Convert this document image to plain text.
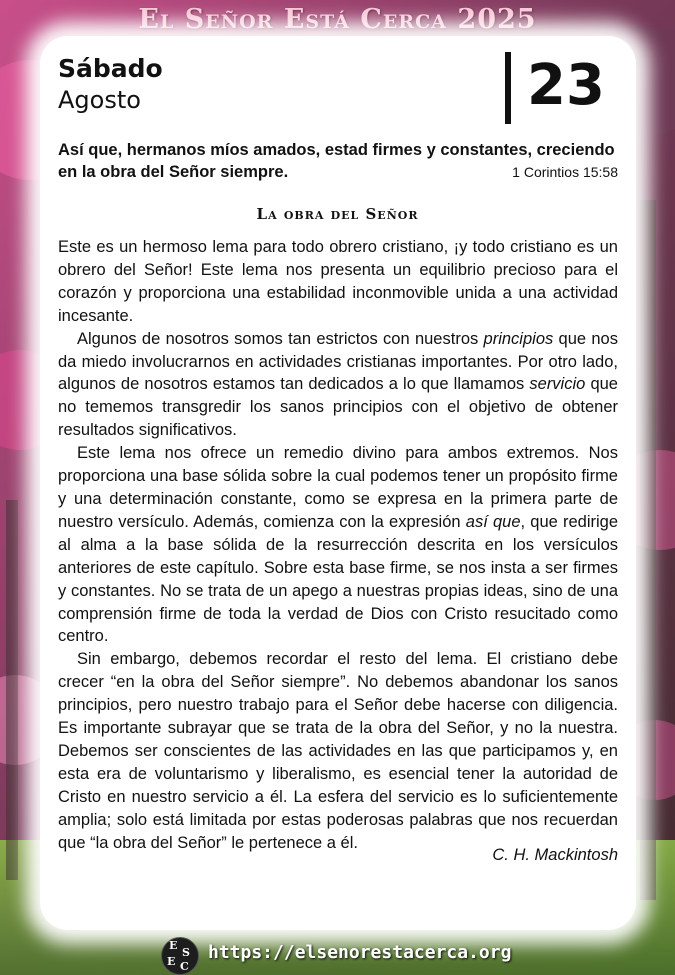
El Señor Está Cerca 2025
Sábado
Agosto	23
Así que, hermanos míos amados, estad firmes y constantes, creciendo en la obra del Señor siempre.	1 Corintios 15:58
La obra del Señor

Este es un hermoso lema para todo obrero cristiano, ¡y todo cristiano es un obrero del Señor! Este lema nos presenta un equilibrio precioso para el corazón y proporciona una estabilidad inconmovible unida a una actividad incesante.

Algunos de nosotros somos tan estrictos con nuestros principios que nos da miedo involucrarnos en actividades cristianas importantes. Por otro lado, algunos de nosotros estamos tan dedicados a lo que llamamos servicio que no tememos transgredir los sanos principios con el objetivo de obtener resultados significativos.

Este lema nos ofrece un remedio divino para ambos extremos. Nos proporciona una base sólida sobre la cual podemos tener un propósito firme y una determinación constante, como se expresa en la primera parte de nuestro versículo. Además, comienza con la expresión así que, que redirige al alma a la base sólida de la resurrección descrita en los versículos anteriores de este capítulo. Sobre esta base firme, se nos insta a ser firmes y constantes. No se trata de un apego a nuestras propias ideas, sino de una comprensión firme de toda la verdad de Dios con Cristo resucitado como centro.

Sin embargo, debemos recordar el resto del lema. El cristiano debe crecer “en la obra del Señor siempre”. No debemos abandonar los sanos principios, pero nuestro trabajo para el Señor debe hacerse con diligencia. Es importante subrayar que se trata de la obra del Señor, y no la nuestra. Debemos ser conscientes de las actividades en las que participamos y, en esta era de voluntarismo y liberalismo, es esencial tener la autoridad de Cristo en nuestro servicio a él. La esfera del servicio es lo suficientemente amplia; solo está limitada por estas poderosas palabras que nos recuerdan que “la obra del Señor” le pertenece a él.

C. H. Mackintosh
E
S
E C
https://elsenorestacerca.org
